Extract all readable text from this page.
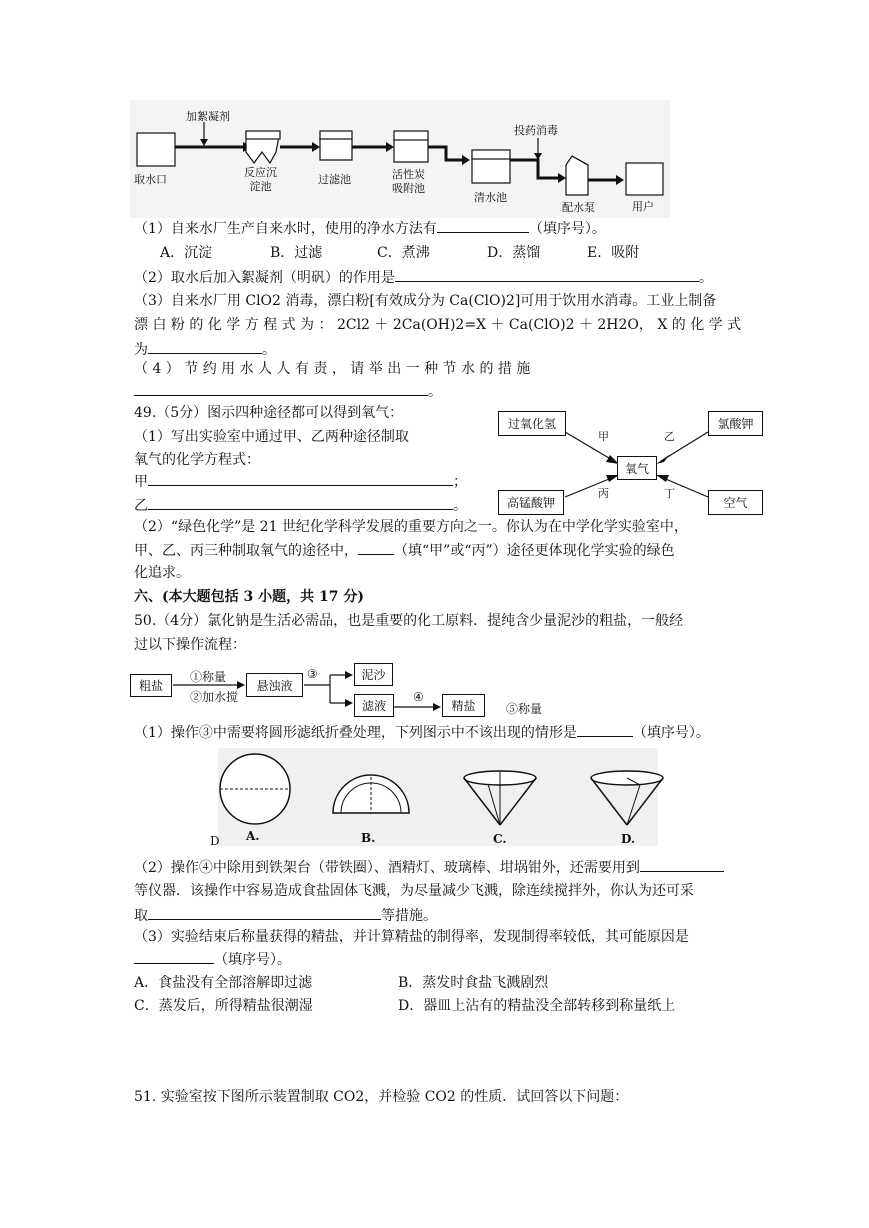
加絮凝剂
投药消毒
取水口
反应沉
淀池
过滤池	活性炭
吸附池
清水池
配水泵	用户
（1）自来水厂生产自来水时，使用的净水方法有	（填序号）。
A．沉淀	B．过滤	C．煮沸	D．蒸馏	E．吸附
（2）取水后加入絮凝剂（明矾）的作用是	。
（3）自来水厂用 ClO2 消毒，漂白粉[有效成分为 Ca(ClO)2]可用于饮用水消毒。工业上制备
漂 白 粉 的 化 学 方 程 式 为 ： 2Cl2 ＋ 2Ca(OH)2=X ＋ Ca(ClO)2 ＋ 2H2O， X 的 化 学 式
为	。
（ 4 ） 节 约 用 水 人 人 有 责 ， 请 举 出 一 种 节 水 的 措 施
。
49.（5分）图示四种途径都可以得到氧气：
（1）写出实验室中通过甲、乙两种途径制取
氧气的化学方程式：
甲	；
乙	。
过氧化氢	氯酸钾
氧气
高锰酸钾	空气
甲	乙
丙	丁
（2）“绿色化学”是 21 世纪化学科学发展的重要方向之一。你认为在中学化学实验室中，
甲、乙、丙三种制取氧气的途径中，	（填“甲”或“丙”）途径更体现化学实验的绿色
化追求。
六、(本大题包括 3 小题，共 17 分)
50.（4分）氯化钠是生活必需品，也是重要的化工原料．提纯含少量泥沙的粗盐，一般经
过以下操作流程：
粗盐
①称量
②加水搅
悬浊液
③	泥沙
滤液
④
精盐	⑤称量
（1）操作③中需要将圆形滤纸折叠处理，下列图示中不该出现的情形是	（填序号）。
D A.	B.	C.	D.
（2）操作④中除用到铁架台（带铁圈）、酒精灯、玻璃棒、坩埚钳外，还需要用到
等仪器．该操作中容易造成食盐固体飞溅，为尽量减少飞溅，除连续搅拌外，你认为还可采
取	等措施。
（3）实验结束后称量获得的精盐，并计算精盐的制得率，发现制得率较低，其可能原因是
（填序号）。
A．食盐没有全部溶解即过滤	B．蒸发时食盐飞溅剧烈
C．蒸发后，所得精盐很潮湿	D．器皿上沾有的精盐没全部转移到称量纸上
51. 实验室按下图所示装置制取 CO2，并检验 CO2 的性质．试回答以下问题：
